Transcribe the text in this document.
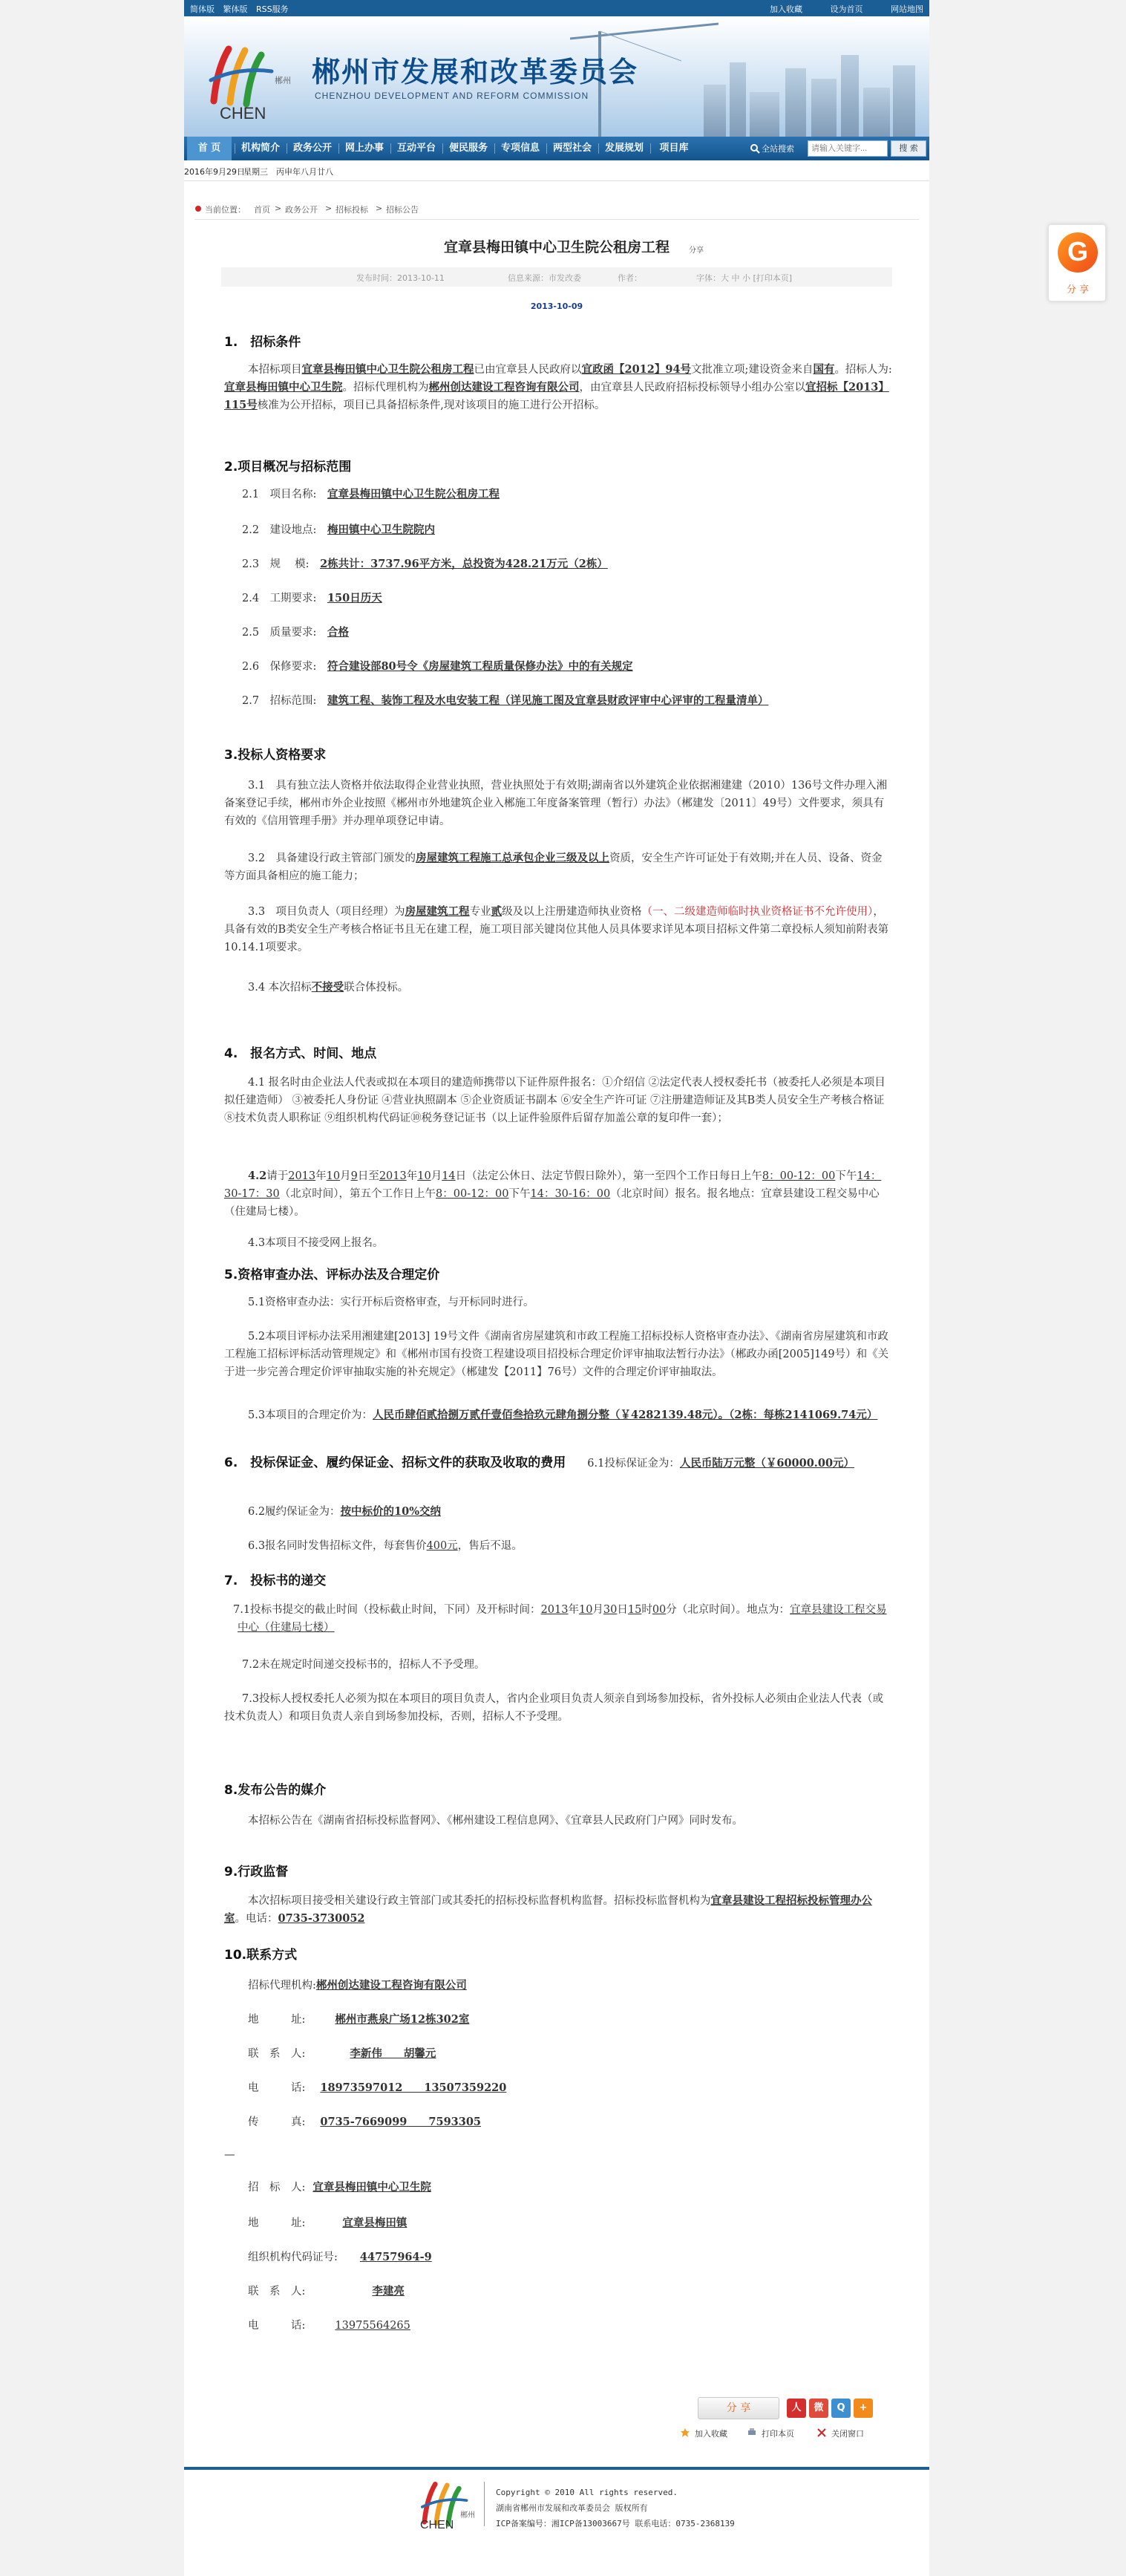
G
分 享
简体版 繁体版 RSS服务	加入收藏	设为首页	网站地图
郴州
CHEN
郴州市发展和改革委员会
CHENZHOU DEVELOPMENT AND REFORM COMMISSION
首 页	机构简介	政务公开	网上办事	互动平台	便民服务	专项信息	两型社会	发展规划	项目库	全站搜索
请输入关键字...	搜 索
2016年9月29日
星期三 丙申年八月廿八
当前位置： 首页 > 政务公开 > 招标投标 > 招标公告
宜章县梅田镇中心卫生院公租房工程	分享
发布时间：2013-10-11	信息来源：市发改委	作者：	字体：大 中 小 [打印本页]
2013-10-09
1.　招标条件
本招标项目宜章县梅田镇中心卫生院公租房工程已由宜章县人民政府以宜政函【2012】94号文批准立项;建设资金来自国有。招标人为:宜章县梅田镇中心卫生院。招标代理机构为郴州创达建设工程咨询有限公司，由宜章县人民政府招标投标领导小组办公室以宜招标【2013】115号核准为公开招标，项目已具备招标条件,现对该项目的施工进行公开招标。
2.项目概况与招标范围
2.1　项目名称:　 宜章县梅田镇中心卫生院公租房工程
2.2　建设地点:　 梅田镇中心卫生院院内
2.3　规　 模:　 2栋共计：3737.96平方米，总投资为428.21万元（2栋）
2.4　工期要求:　 150日历天
2.5　质量要求:　 合格
2.6　保修要求:　 符合建设部80号令《房屋建筑工程质量保修办法》中的有关规定
2.7　招标范围:　 建筑工程、装饰工程及水电安装工程（详见施工图及宜章县财政评审中心评审的工程量清单）
3.投标人资格要求
3.1　具有独立法人资格并依法取得企业营业执照，营业执照处于有效期;湖南省以外建筑企业依据湘建建（2010）136号文件办理入湘备案登记手续，郴州市外企业按照《郴州市外地建筑企业入郴施工年度备案管理（暂行）办法》（郴建发〔2011〕49号）文件要求，须具有有效的《信用管理手册》并办理单项登记申请。
3.2　具备建设行政主管部门颁发的房屋建筑工程施工总承包企业三级及以上资质，安全生产许可证处于有效期;并在人员、设备、资金等方面具备相应的施工能力；
3.3　项目负责人（项目经理）为房屋建筑工程专业贰级及以上注册建造师执业资格（一、二级建造师临时执业资格证书不允许使用），具备有效的B类安全生产考核合格证书且无在建工程，施工项目部关键岗位其他人员具体要求详见本项目招标文件第二章投标人须知前附表第10.14.1项要求。
3.4 本次招标不接受联合体投标。
4.　报名方式、时间、地点
4.1 报名时由企业法人代表或拟在本项目的建造师携带以下证件原件报名：①介绍信 ②法定代表人授权委托书（被委托人必须是本项目拟任建造师） ③被委托人身份证 ④营业执照副本 ⑤企业资质证书副本 ⑥安全生产许可证 ⑦注册建造师证及其B类人员安全生产考核合格证 ⑧技术负责人职称证 ⑨组织机构代码证⑩税务登记证书（以上证件验原件后留存加盖公章的复印件一套）；
4.2请于2013年10月9日至2013年10月14日（法定公休日、法定节假日除外），第一至四个工作日每日上午8：00-12：00下午14：30-17：30（北京时间），第五个工作日上午8：00-12：00下午14：30-16：00（北京时间）报名。报名地点：宜章县建设工程交易中心（住建局七楼）。
4.3本项目不接受网上报名。
5.资格审查办法、评标办法及合理定价
5.1资格审查办法：实行开标后资格审查，与开标同时进行。
5.2本项目评标办法采用湘建建[2013] 19号文件《湖南省房屋建筑和市政工程施工招标投标人资格审查办法》、《湖南省房屋建筑和市政工程施工招标评标活动管理规定》和《郴州市国有投资工程建设项目招投标合理定价评审抽取法暂行办法》（郴政办函[2005]149号）和《关于进一步完善合理定价评审抽取实施的补充规定》（郴建发【2011】76号）文件的合理定价评审抽取法。
5.3本项目的合理定价为：人民币肆佰贰拾捌万贰仟壹佰叁拾玖元肆角捌分整（￥4282139.48元）。（2栋：每栋2141069.74元）
6.　投标保证金、履约保证金、招标文件的获取及收取的费用　　 6.1投标保证金为：人民币陆万元整（￥60000.00元）
6.2履约保证金为：按中标价的10%交纳
6.3报名同时发售招标文件，每套售价400元，售后不退。
7.　投标书的递交
7.1投标书提交的截止时间（投标截止时间，下同）及开标时间：2013年10月30日15时00分（北京时间）。地点为：宜章县建设工程交易中心（住建局七楼）
7.2未在规定时间递交投标书的，招标人不予受理。
7.3投标人授权委托人必须为拟在本项目的项目负责人，省内企业项目负责人须亲自到场参加投标，省外投标人必须由企业法人代表（或技术负责人）和项目负责人亲自到场参加投标，否则，招标人不予受理。
8.发布公告的媒介
本招标公告在《湖南省招标投标监督网》、《郴州建设工程信息网》、《宜章县人民政府门户网》同时发布。
9.行政监督
本次招标项目接受相关建设行政主管部门或其委托的招标投标监督机构监督。招标投标监督机构为宜章县建设工程招标投标管理办公室。电话：0735-3730052
10.联系方式
招标代理机构:郴州创达建设工程咨询有限公司
地　　　址:	郴州市燕泉广场12栋302室
联　系　人:	李新伟　　胡馨元
电　　　话: 18973597012　　13507359220
传　　　真: 0735-7669099　　7593305
—
招　标　人: 宜章县梅田镇中心卫生院
地　　　址:	宜章县梅田镇
组织机构代码证号: 44757964-9
联　系　人:	李建亮
电　　　话:	13975564265
分 享	人	微	Q	+
加入收藏	打印本页	关闭窗口
郴州
CHEN
Copyright © 2010 All rights reserved.
湖南省郴州市发展和改革委员会 版权所有
ICP备案编号：湘ICP备13003667号 联系电话：0735-2368139
